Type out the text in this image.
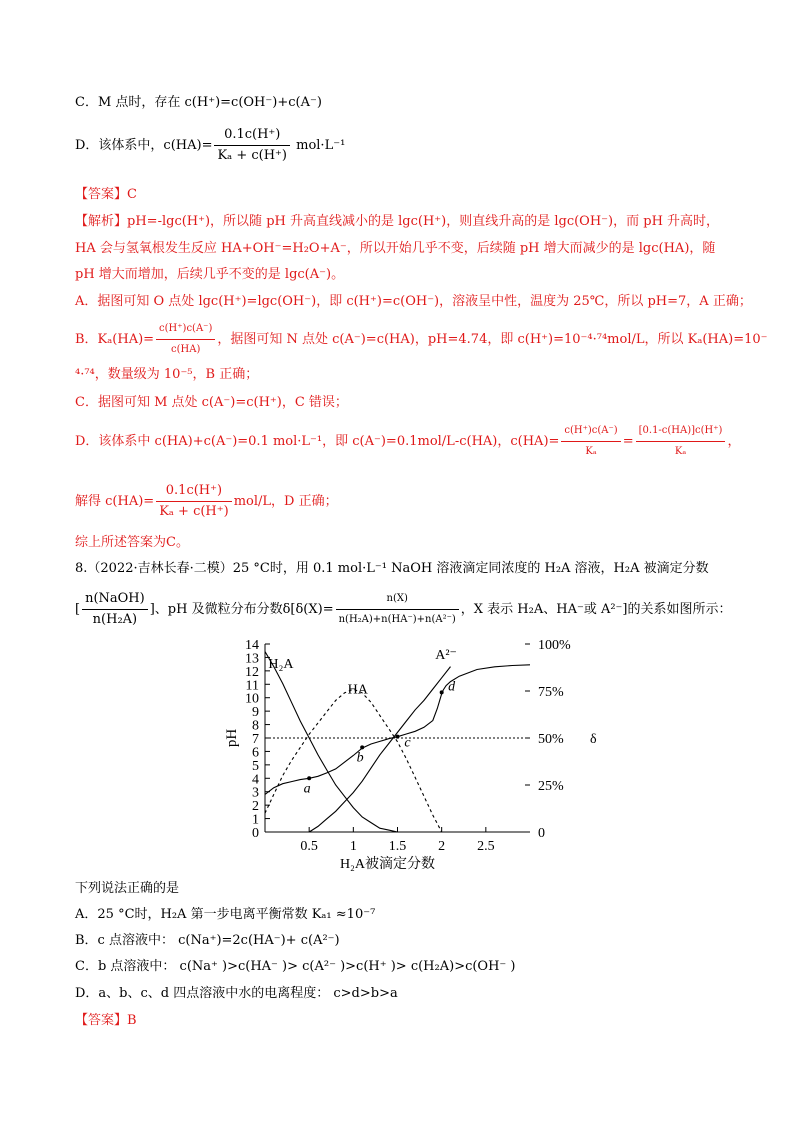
C．M 点时，存在 c(H⁺)=c(OH⁻)+c(A⁻)
D．该体系中，$c(HA)= \frac{0.1c(H^+)}{\text{Kₐ + c(H⁺)}} mol\cdot L^{-1}$
【答案】C
【解析】pH=-lgc(H⁺)，所以随 pH 升高直线减小的是 lgc(H⁺)，则直线升高的是 lgc(OH⁻)，而 pH 升高时，
HA 会与氢氧根发生反应 HA+OH⁻=H₂O+A⁻，所以开始几乎不变，后续随 pH 增大而减少的是 lgc(HA)，随
pH 增大而增加，后续几乎不变的是 lgc(A⁻)。
A．据图可知 O 点处 lgc(H⁺)=lgc(OH⁻)，即 c(H⁺)=c(OH⁻)，溶液呈中性，温度为 25℃，所以 pH=7，A 正确；
B．$K_a(HA)= \frac{c(H^+)c(A^-)}{c(HA)}$ ，据图可知 N 点处 c(A⁻)=c(HA)，pH=4.74，即 c(H⁺)=10⁻⁴·⁷⁴mol/L，所以 Kₐ(HA)=10⁻
⁴·⁷⁴，数量级为 10⁻⁵，B 正确；
C．据图可知 M 点处 c(A⁻)=c(H⁺)，C 错误；
D．该体系中 c(HA)+c(A⁻)=0.1 mol·L⁻¹，即 c(A⁻)=0.1mol/L-c(HA)，$c(HA)= \frac{c(H^+)c(A^-)}{\text{Kₐ}} = \frac{[0.1-c(HA)]c(H^+)}{\text{Kₐ}}$ ，
解得 $c(HA)= \frac{0.1c(H^+)}{\text{Kₐ + c(H⁺)}} mol/L$，D 正确；
综上所述答案为C。
8.（2022·吉林长春·二模）25 °C时，用 0.1 mol·L⁻¹ NaOH 溶液滴定同浓度的 H₂A 溶液，H₂A 被滴定分数
[ $\frac{\text{n(NaOH)}}{\text{n(H₂A)}}$ ]、pH 及微粒分布分数$\delta[\delta(X)= \frac{n(X)}{\text{n(H₂A)+n(HA⁻)+n(A²⁻)}}$ ，X 表示 H₂A、HA⁻或 A²⁻]的关系如图所示：
0
1
2
3
4
5
6
7
8
9
10
11
12
13
14
0
25%
50%
75%
100%
0.5 1 1.5 2 2.5
pH	δ
H₂A被滴定分数
H₂A
HA
A²⁻
a
b
c
d
下列说法正确的是
A．25 °C时，H₂A 第一步电离平衡常数 Kₐ₁ ≈10⁻⁷
B．c 点溶液中： c(Na⁺)=2c(HA⁻)+ c(A²⁻)
C．b 点溶液中： c(Na⁺ )>c(HA⁻ )> c(A²⁻ )>c(H⁺ )> c(H₂A)>c(OH⁻ )
D．a、b、c、d 四点溶液中水的电离程度： c>d>b>a
【答案】B
